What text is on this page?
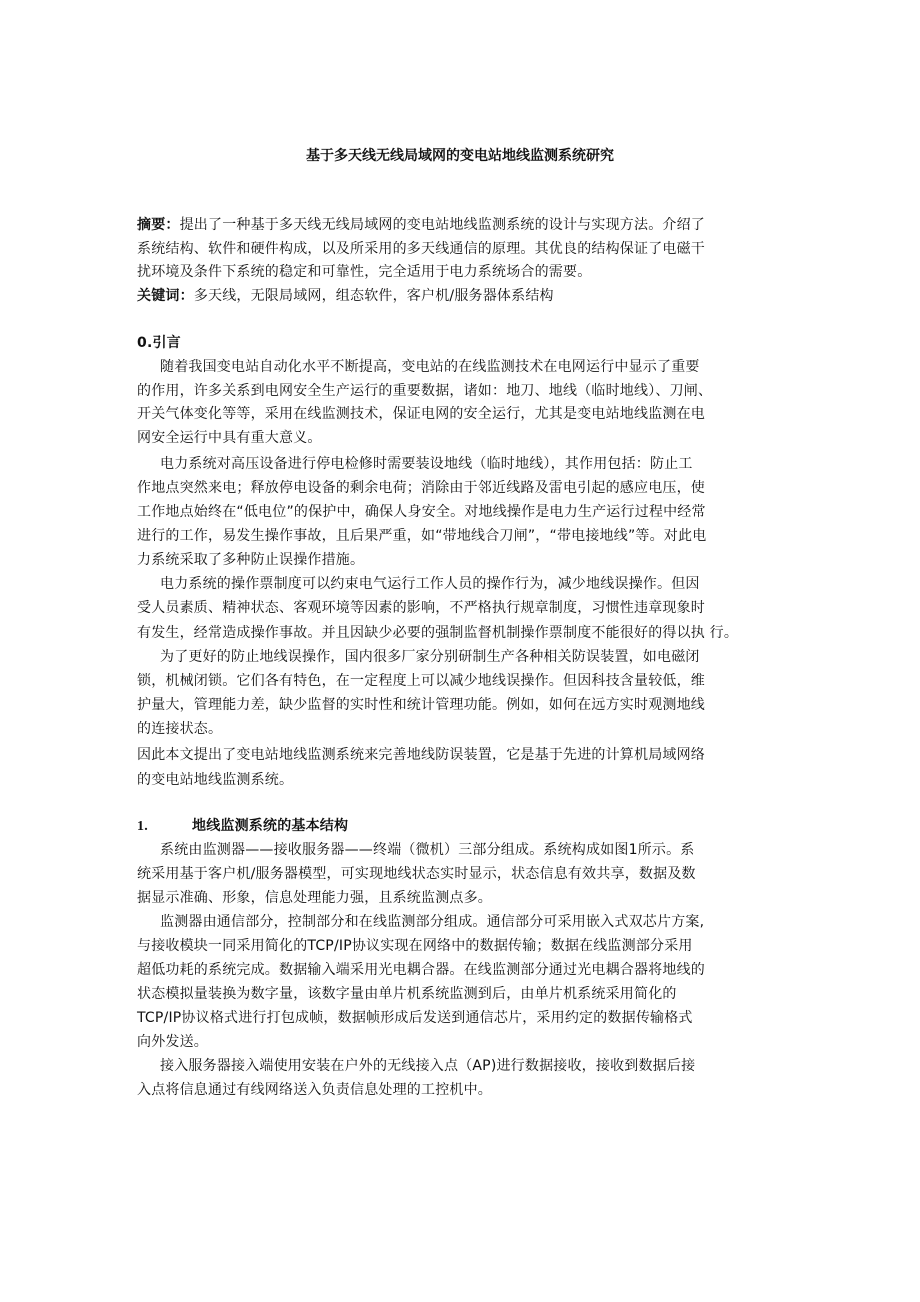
基于多天线无线局域网的变电站地线监测系统研究
摘要：提出了一种基于多天线无线局域网的变电站地线监测系统的设计与实现方法。介绍了
系统结构、软件和硬件构成，以及所采用的多天线通信的原理。其优良的结构保证了电磁干
扰环境及条件下系统的稳定和可靠性，完全适用于电力系统场合的需要。
关键词：多天线，无限局域网，组态软件，客户机/服务器体系结构
0.引言
随着我国变电站自动化水平不断提高，变电站的在线监测技术在电网运行中显示了重要
的作用，许多关系到电网安全生产运行的重要数据，诸如：地刀、地线（临时地线）、刀闸、
开关气体变化等等，采用在线监测技术，保证电网的安全运行，尤其是变电站地线监测在电
网安全运行中具有重大意义。
电力系统对高压设备进行停电检修时需要装设地线（临时地线），其作用包括：防止工
作地点突然来电；释放停电设备的剩余电荷；消除由于邻近线路及雷电引起的感应电压，使
工作地点始终在“低电位”的保护中，确保人身安全。对地线操作是电力生产运行过程中经常
进行的工作，易发生操作事故，且后果严重，如“带地线合刀闸”，“带电接地线”等。对此电
力系统采取了多种防止误操作措施。
电力系统的操作票制度可以约束电气运行工作人员的操作行为，减少地线误操作。但因
受人员素质、精神状态、客观环境等因素的影响，不严格执行规章制度，习惯性违章现象时
有发生，经常造成操作事故。并且因缺少必要的强制监督机制操作票制度不能很好的得以执 行。
为了更好的防止地线误操作，国内很多厂家分别研制生产各种相关防误装置，如电磁闭
锁，机械闭锁。它们各有特色，在一定程度上可以减少地线误操作。但因科技含量较低，维
护量大，管理能力差，缺少监督的实时性和统计管理功能。例如，如何在远方实时观测地线
的连接状态。
因此本文提出了变电站地线监测系统来完善地线防误装置，它是基于先进的计算机局域网络
的变电站地线监测系统。
1.	地线监测系统的基本结构
系统由监测器——接收服务器——终端（微机）三部分组成。系统构成如图1所示。系
统采用基于客户机/服务器模型，可实现地线状态实时显示，状态信息有效共享，数据及数
据显示准确、形象，信息处理能力强，且系统监测点多。
监测器由通信部分，控制部分和在线监测部分组成。通信部分可采用嵌入式双芯片方案,
与接收模块一同采用简化的TCP/IP协议实现在网络中的数据传输；数据在线监测部分采用
超低功耗的系统完成。数据输入端采用光电耦合器。在线监测部分通过光电耦合器将地线的
状态模拟量装换为数字量，该数字量由单片机系统监测到后，由单片机系统采用简化的
TCP/IP协议格式进行打包成帧，数据帧形成后发送到通信芯片，采用约定的数据传输格式
向外发送。
接入服务器接入端使用安装在户外的无线接入点（AP)进行数据接收，接收到数据后接
入点将信息通过有线网络送入负责信息处理的工控机中。
